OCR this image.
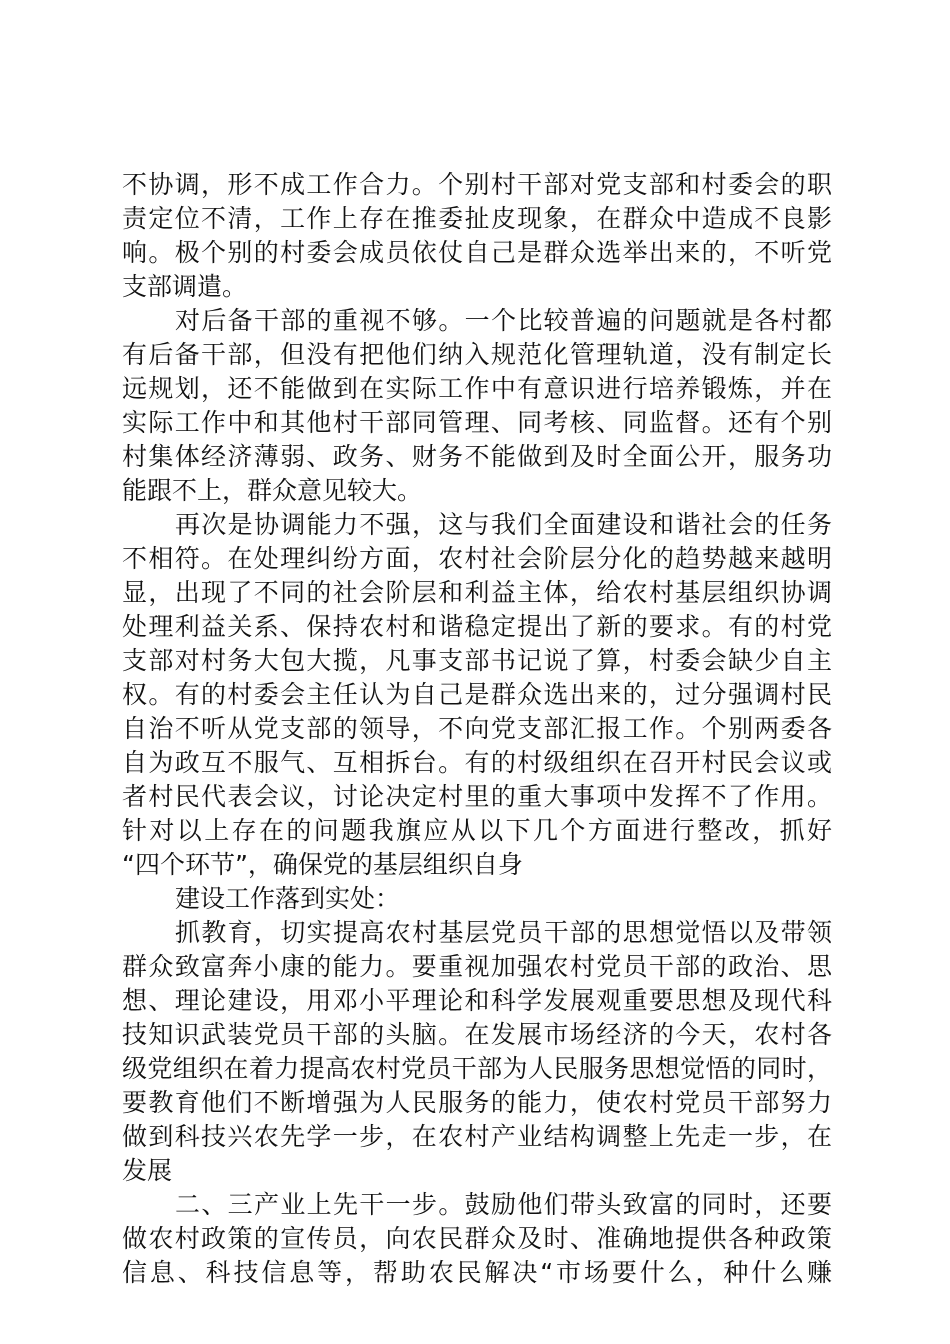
不协调，形不成工作合力。个别村干部对党支部和村委会的职
责定位不清，工作上存在推委扯皮现象，在群众中造成不良影
响。极个别的村委会成员依仗自己是群众选举出来的，不听党
支部调遣。
对后备干部的重视不够。一个比较普遍的问题就是各村都
有后备干部，但没有把他们纳入规范化管理轨道，没有制定长
远规划，还不能做到在实际工作中有意识进行培养锻炼，并在
实际工作中和其他村干部同管理、同考核、同监督。还有个别
村集体经济薄弱、政务、财务不能做到及时全面公开，服务功
能跟不上，群众意见较大。
再次是协调能力不强，这与我们全面建设和谐社会的任务
不相符。在处理纠纷方面，农村社会阶层分化的趋势越来越明
显，出现了不同的社会阶层和利益主体，给农村基层组织协调
处理利益关系、保持农村和谐稳定提出了新的要求。有的村党
支部对村务大包大揽，凡事支部书记说了算，村委会缺少自主
权。有的村委会主任认为自己是群众选出来的，过分强调村民
自治不听从党支部的领导，不向党支部汇报工作。个别两委各
自为政互不服气、互相拆台。有的村级组织在召开村民会议或
者村民代表会议，讨论决定村里的重大事项中发挥不了作用。
针对以上存在的问题我旗应从以下几个方面进行整改，抓好
“四个环节”，确保党的基层组织自身
建设工作落到实处：
抓教育，切实提高农村基层党员干部的思想觉悟以及带领
群众致富奔小康的能力。要重视加强农村党员干部的政治、思
想、理论建设，用邓小平理论和科学发展观重要思想及现代科
技知识武装党员干部的头脑。在发展市场经济的今天，农村各
级党组织在着力提高农村党员干部为人民服务思想觉悟的同时，
要教育他们不断增强为人民服务的能力，使农村党员干部努力
做到科技兴农先学一步，在农村产业结构调整上先走一步，在
发展
二、三产业上先干一步。鼓励他们带头致富的同时，还要
做农村政策的宣传员，向农民群众及时、准确地提供各种政策
信息、科技信息等，帮助农民解决“市场要什么，种什么赚
